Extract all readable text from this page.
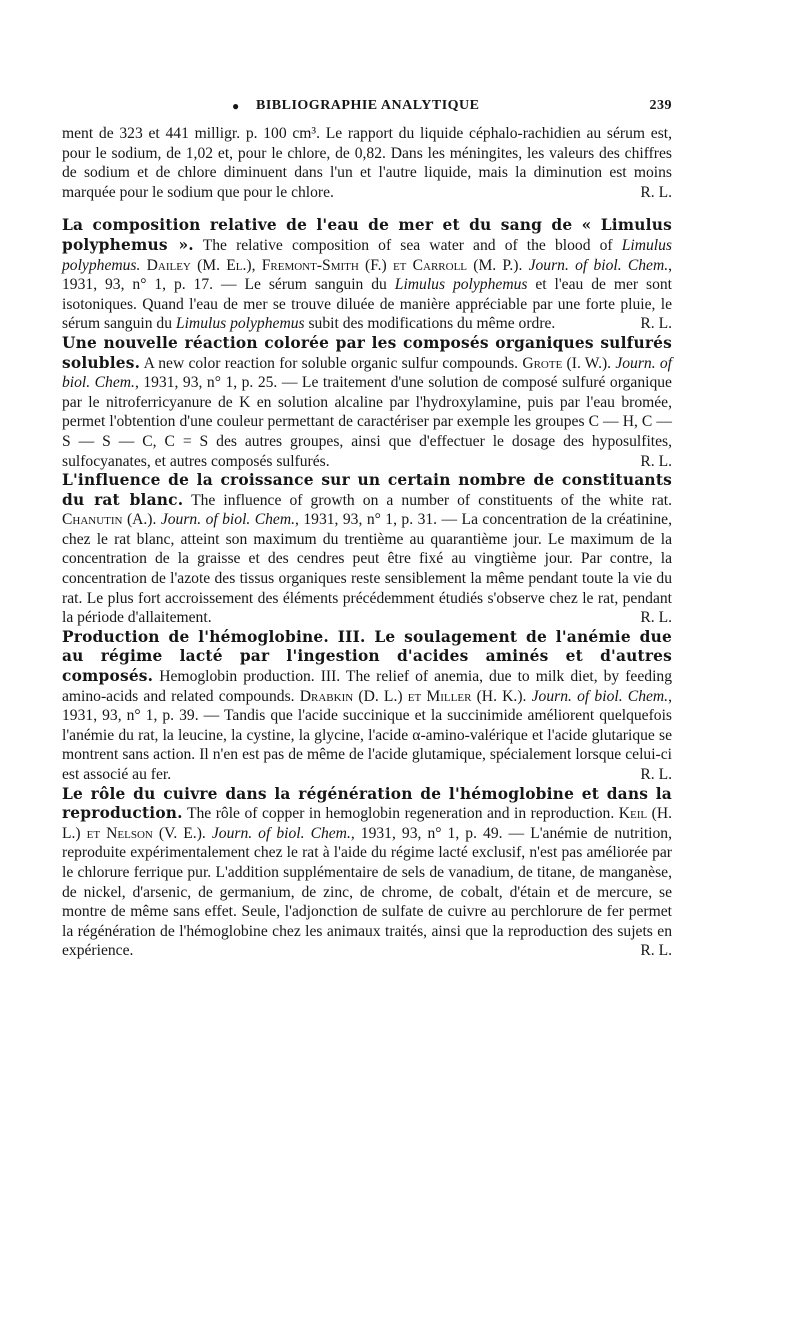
● BIBLIOGRAPHIE ANALYTIQUE	239

ment de 323 et 441 milligr. p. 100 cm³. Le rapport du liquide céphalo-rachidien au sérum est, pour le sodium, de 1,02 et, pour le chlore, de 0,82. Dans les méningites, les valeurs des chiffres de sodium et de chlore diminuent dans l'un et l'autre liquide, mais la diminution est moins marquée pour le sodium que pour le chlore.	R. L.

La composition relative de l'eau de mer et du sang de « Limulus polyphemus ». The relative composition of sea water and of the blood of Limulus polyphemus. Dailey (M. El.), Fremont-Smith (F.) et Carroll (M. P.). Journ. of biol. Chem., 1931, 93, n° 1, p. 17. — Le sérum sanguin du Limulus polyphemus et l'eau de mer sont isotoniques. Quand l'eau de mer se trouve diluée de manière appréciable par une forte pluie, le sérum sanguin du Limulus polyphemus subit des modifications du même ordre.	R. L.

Une nouvelle réaction colorée par les composés organiques sulfurés solubles. A new color reaction for soluble organic sulfur compounds. Grote (I. W.). Journ. of biol. Chem., 1931, 93, n° 1, p. 25. — Le traitement d'une solution de composé sulfuré organique par le nitroferricyanure de K en solution alcaline par l'hydroxylamine, puis par l'eau bromée, permet l'obtention d'une couleur permettant de caractériser par exemple les groupes C — H, C — S — S — C, C = S des autres groupes, ainsi que d'effectuer le dosage des hyposulfites, sulfocyanates, et autres composés sulfurés.	R. L.

L'influence de la croissance sur un certain nombre de constituants du rat blanc. The influence of growth on a number of constituents of the white rat. Chanutin (A.). Journ. of biol. Chem., 1931, 93, n° 1, p. 31. — La concentration de la créatinine, chez le rat blanc, atteint son maximum du trentième au quarantième jour. Le maximum de la concentration de la graisse et des cendres peut être fixé au vingtième jour. Par contre, la concentration de l'azote des tissus organiques reste sensiblement la même pendant toute la vie du rat. Le plus fort accroissement des éléments précédemment étudiés s'observe chez le rat, pendant la période d'allaitement.	R. L.

Production de l'hémoglobine. III. Le soulagement de l'anémie due au régime lacté par l'ingestion d'acides aminés et d'autres composés. Hemoglobin production. III. The relief of anemia, due to milk diet, by feeding amino-acids and related compounds. Drabkin (D. L.) et Miller (H. K.). Journ. of biol. Chem., 1931, 93, n° 1, p. 39. — Tandis que l'acide succinique et la succinimide améliorent quelquefois l'anémie du rat, la leucine, la cystine, la glycine, l'acide α-amino-valérique et l'acide glutarique se montrent sans action. Il n'en est pas de même de l'acide glutamique, spécialement lorsque celui-ci est associé au fer.	R. L.

Le rôle du cuivre dans la régénération de l'hémoglobine et dans la reproduction. The rôle of copper in hemoglobin regeneration and in reproduction. Keil (H. L.) et Nelson (V. E.). Journ. of biol. Chem., 1931, 93, n° 1, p. 49. — L'anémie de nutrition, reproduite expérimentalement chez le rat à l'aide du régime lacté exclusif, n'est pas améliorée par le chlorure ferrique pur. L'addition supplémentaire de sels de vanadium, de titane, de manganèse, de nickel, d'arsenic, de germanium, de zinc, de chrome, de cobalt, d'étain et de mercure, se montre de même sans effet. Seule, l'adjonction de sulfate de cuivre au perchlorure de fer permet la régénération de l'hémoglobine chez les animaux traités, ainsi que la reproduction des sujets en expérience.	R. L.
